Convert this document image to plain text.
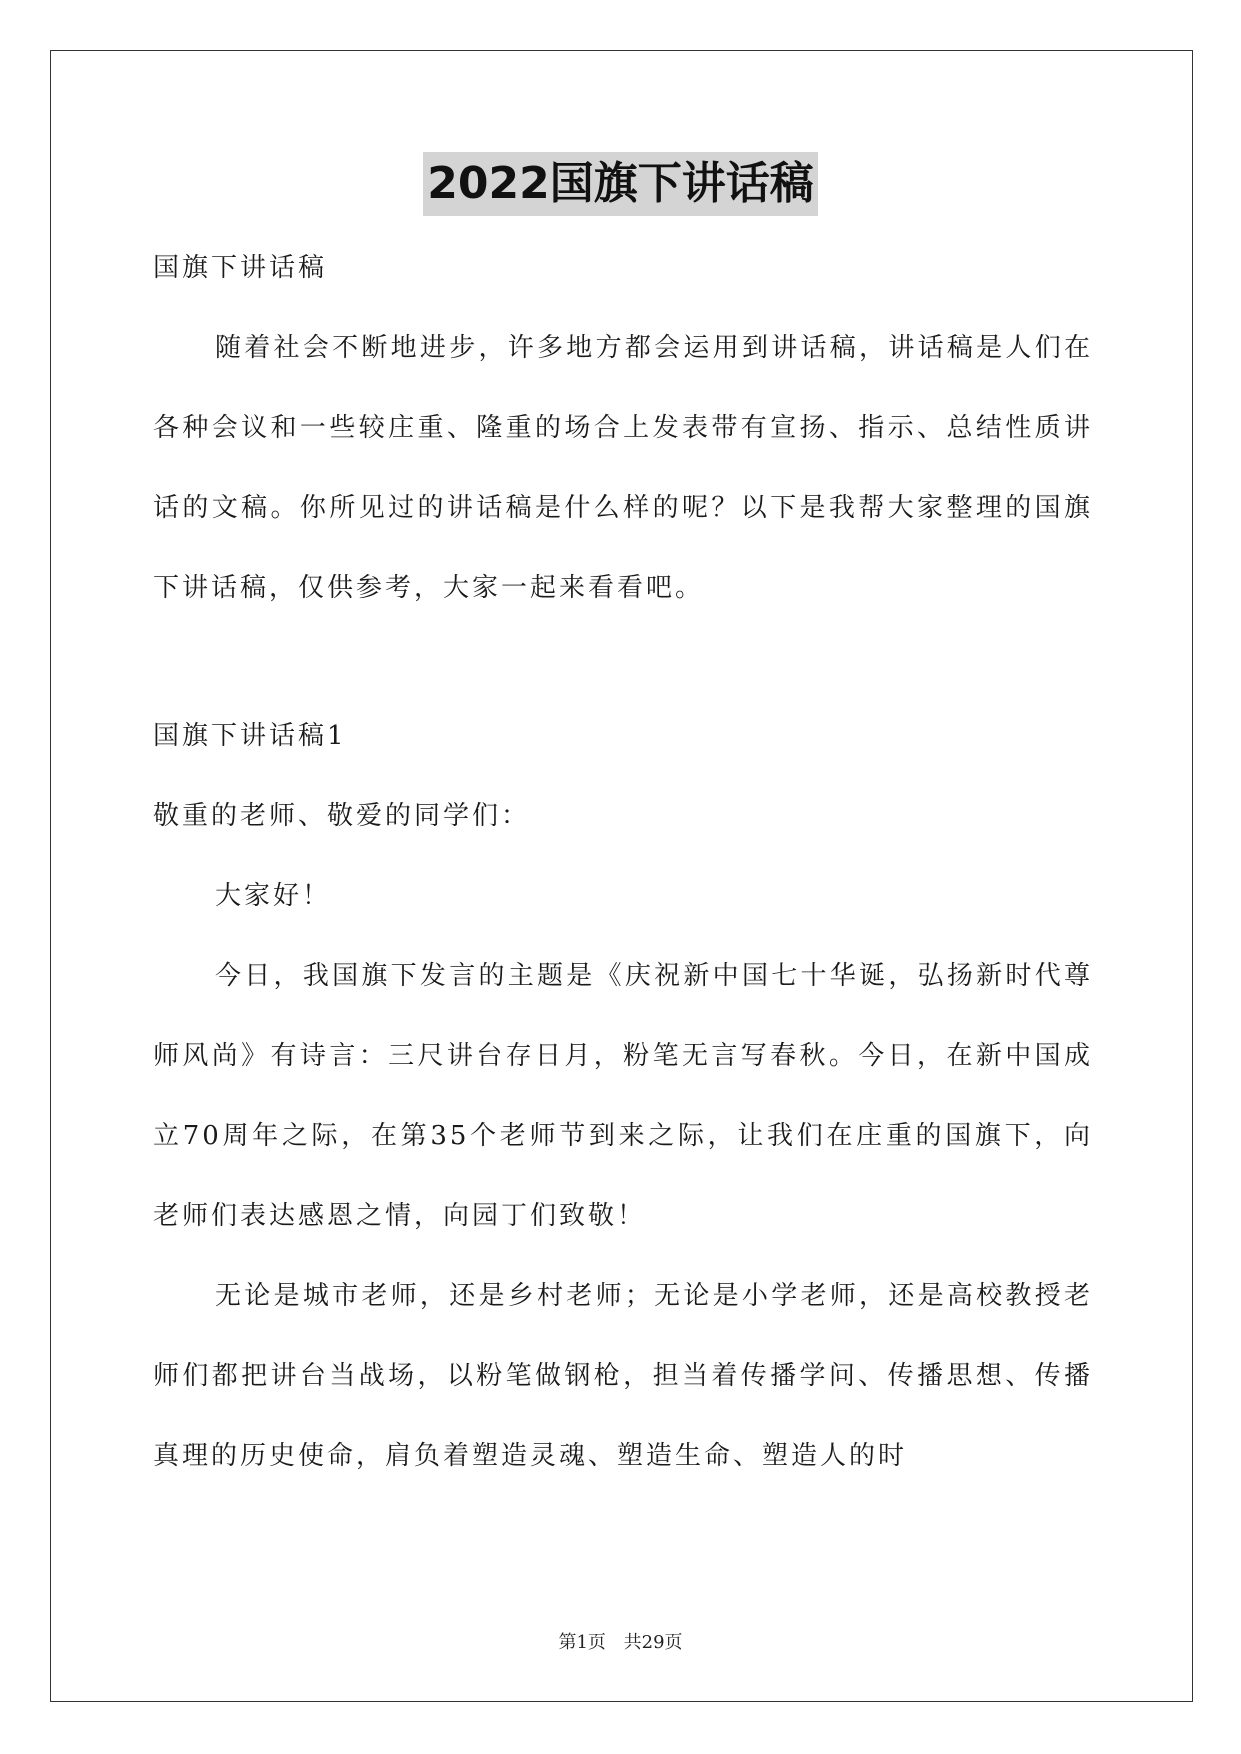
2022国旗下讲话稿

国旗下讲话稿

随着社会不断地进步，许多地方都会运用到讲话稿，讲话稿是人们在各种会议和一些较庄重、隆重的场合上发表带有宣扬、指示、总结性质讲话的文稿。你所见过的讲话稿是什么样的呢？以下是我帮大家整理的国旗下讲话稿，仅供参考，大家一起来看看吧。

国旗下讲话稿1

敬重的老师、敬爱的同学们：

大家好！

今日，我国旗下发言的主题是《庆祝新中国七十华诞，弘扬新时代尊师风尚》有诗言：三尺讲台存日月，粉笔无言写春秋。今日，在新中国成立70周年之际，在第35个老师节到来之际，让我们在庄重的国旗下，向老师们表达感恩之情，向园丁们致敬！

无论是城市老师，还是乡村老师；无论是小学老师，还是高校教授老师们都把讲台当战场，以粉笔做钢枪，担当着传播学问、传播思想、传播真理的历史使命，肩负着塑造灵魂、塑造生命、塑造人的时

第1页 共29页
